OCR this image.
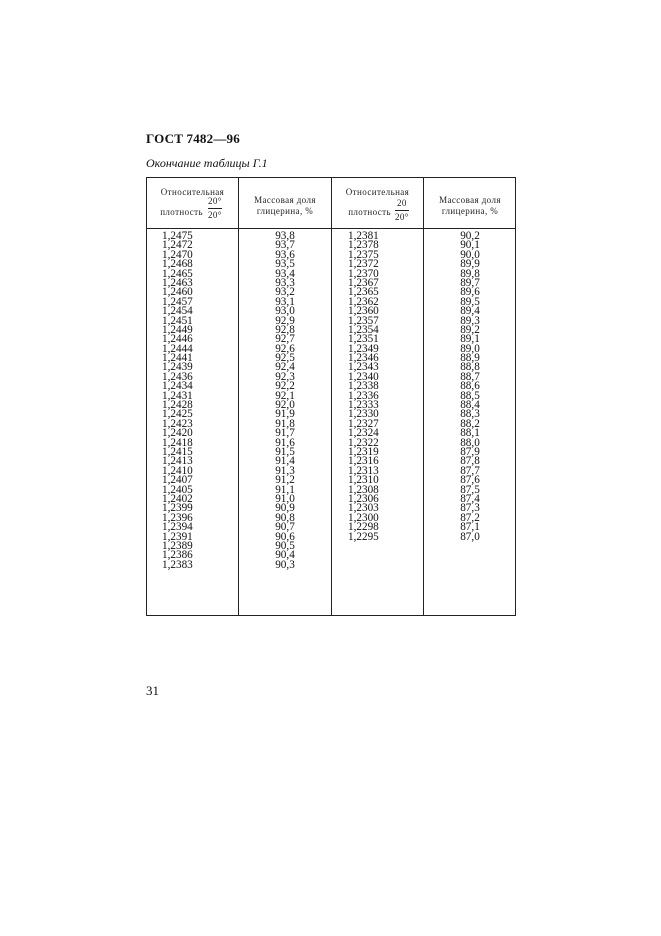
ГОСТ 7482—96
Окончание таблицы Г.1
Относительная
плотность
20°
20°
Массовая доля
глицерина, %
Относительная
плотность
20
20°
Массовая доля
глицерина, %
1,2475
1,2472
1,2470
1,2468
1,2465
1,2463
1,2460
1,2457
1,2454
1,2451
1,2449
1,2446
1,2444
1,2441
1,2439
1,2436
1,2434
1,2431
1,2428
1,2425
1,2423
1,2420
1,2418
1,2415
1,2413
1,2410
1,2407
1,2405
1,2402
1,2399
1,2396
1,2394
1,2391
1,2389
1,2386
1,2383
93,8
93,7
93,6
93,5
93,4
93,3
93,2
93,1
93,0
92,9
92,8
92,7
92,6
92,5
92,4
92,3
92,2
92,1
92,0
91,9
91,8
91,7
91,6
91,5
91,4
91,3
91,2
91,1
91,0
90,9
90,8
90,7
90,6
90,5
90,4
90,3
1,2381
1,2378
1,2375
1,2372
1,2370
1,2367
1,2365
1,2362
1,2360
1,2357
1,2354
1,2351
1,2349
1,2346
1,2343
1,2340
1,2338
1,2336
1,2333
1,2330
1,2327
1,2324
1,2322
1,2319
1,2316
1,2313
1,2310
1,2308
1,2306
1,2303
1,2300
1,2298
1,2295
90,2
90,1
90,0
89,9
89,8
89,7
89,6
89,5
89,4
89,3
89,2
89,1
89,0
88,9
88,8
88,7
88,6
88,5
88,4
88,3
88,2
88,1
88,0
87,9
87,8
87,7
87,6
87,5
87,4
87,3
87,2
87,1
87,0
31
